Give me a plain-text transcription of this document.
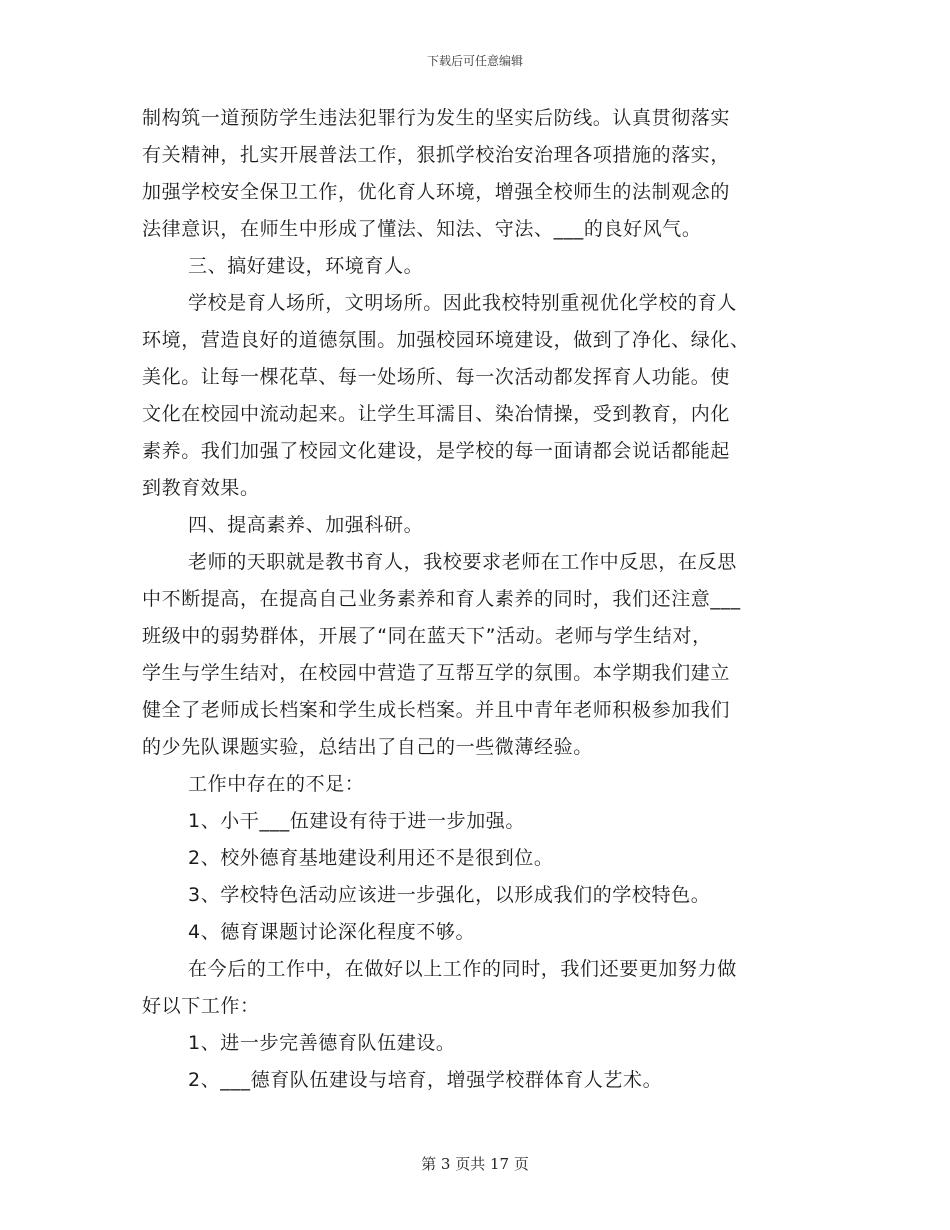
下载后可任意编辑
制构筑一道预防学生违法犯罪行为发生的坚实后防线。认真贯彻落实
有关精神，扎实开展普法工作，狠抓学校治安治理各项措施的落实，
加强学校安全保卫工作，优化育人环境，增强全校师生的法制观念的
法律意识，在师生中形成了懂法、知法、守法、___的良好风气。
三、搞好建设，环境育人。
学校是育人场所，文明场所。因此我校特别重视优化学校的育人
环境，营造良好的道德氛围。加强校园环境建设，做到了净化、绿化、
美化。让每一棵花草、每一处场所、每一次活动都发挥育人功能。使
文化在校园中流动起来。让学生耳濡目、染冶情操，受到教育，内化
素养。我们加强了校园文化建设，是学校的每一面请都会说话都能起
到教育效果。
四、提高素养、加强科研。
老师的天职就是教书育人，我校要求老师在工作中反思，在反思
中不断提高，在提高自己业务素养和育人素养的同时，我们还注意___
班级中的弱势群体，开展了“同在蓝天下”活动。老师与学生结对，
学生与学生结对，在校园中营造了互帮互学的氛围。本学期我们建立
健全了老师成长档案和学生成长档案。并且中青年老师积极参加我们
的少先队课题实验，总结出了自己的一些微薄经验。
工作中存在的不足：
1、小干___伍建设有待于进一步加强。
2、校外德育基地建设利用还不是很到位。
3、学校特色活动应该进一步强化，以形成我们的学校特色。
4、德育课题讨论深化程度不够。
在今后的工作中，在做好以上工作的同时，我们还要更加努力做
好以下工作：
1、进一步完善德育队伍建设。
2、___德育队伍建设与培育，增强学校群体育人艺术。
第 3 页共 17 页
